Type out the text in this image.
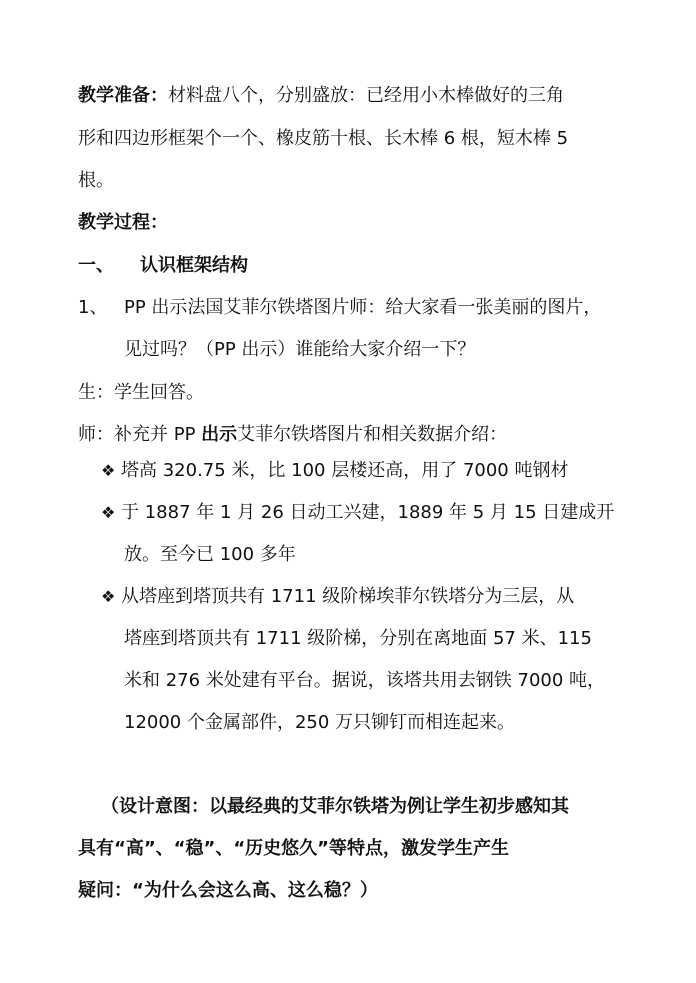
教学准备：材料盘八个，分别盛放：已经用小木棒做好的三角
形和四边形框架个一个、橡皮筋十根、长木棒 6 根，短木棒 5
根。
教学过程：
一、 认识框架结构
1、 PP 出示法国艾菲尔铁塔图片师：给大家看一张美丽的图片，
见过吗？（PP 出示）谁能给大家介绍一下？
生：学生回答。
师：补充并 PP 出示艾菲尔铁塔图片和相关数据介绍：
❖ 塔高 320.75 米，比 100 层楼还高，用了 7000 吨钢材
❖ 于 1887 年 1 月 26 日动工兴建，1889 年 5 月 15 日建成开
放。至今已 100 多年
❖ 从塔座到塔顶共有 1711 级阶梯埃菲尔铁塔分为三层，从
塔座到塔顶共有 1711 级阶梯，分别在离地面 57 米、115
米和 276 米处建有平台。据说，该塔共用去钢铁 7000 吨，
12000 个金属部件，250 万只铆钉而相连起来。
（设计意图：以最经典的艾菲尔铁塔为例让学生初步感知其
具有“高”、“稳”、“历史悠久”等特点，激发学生产生
疑问：“为什么会这么高、这么稳？）
